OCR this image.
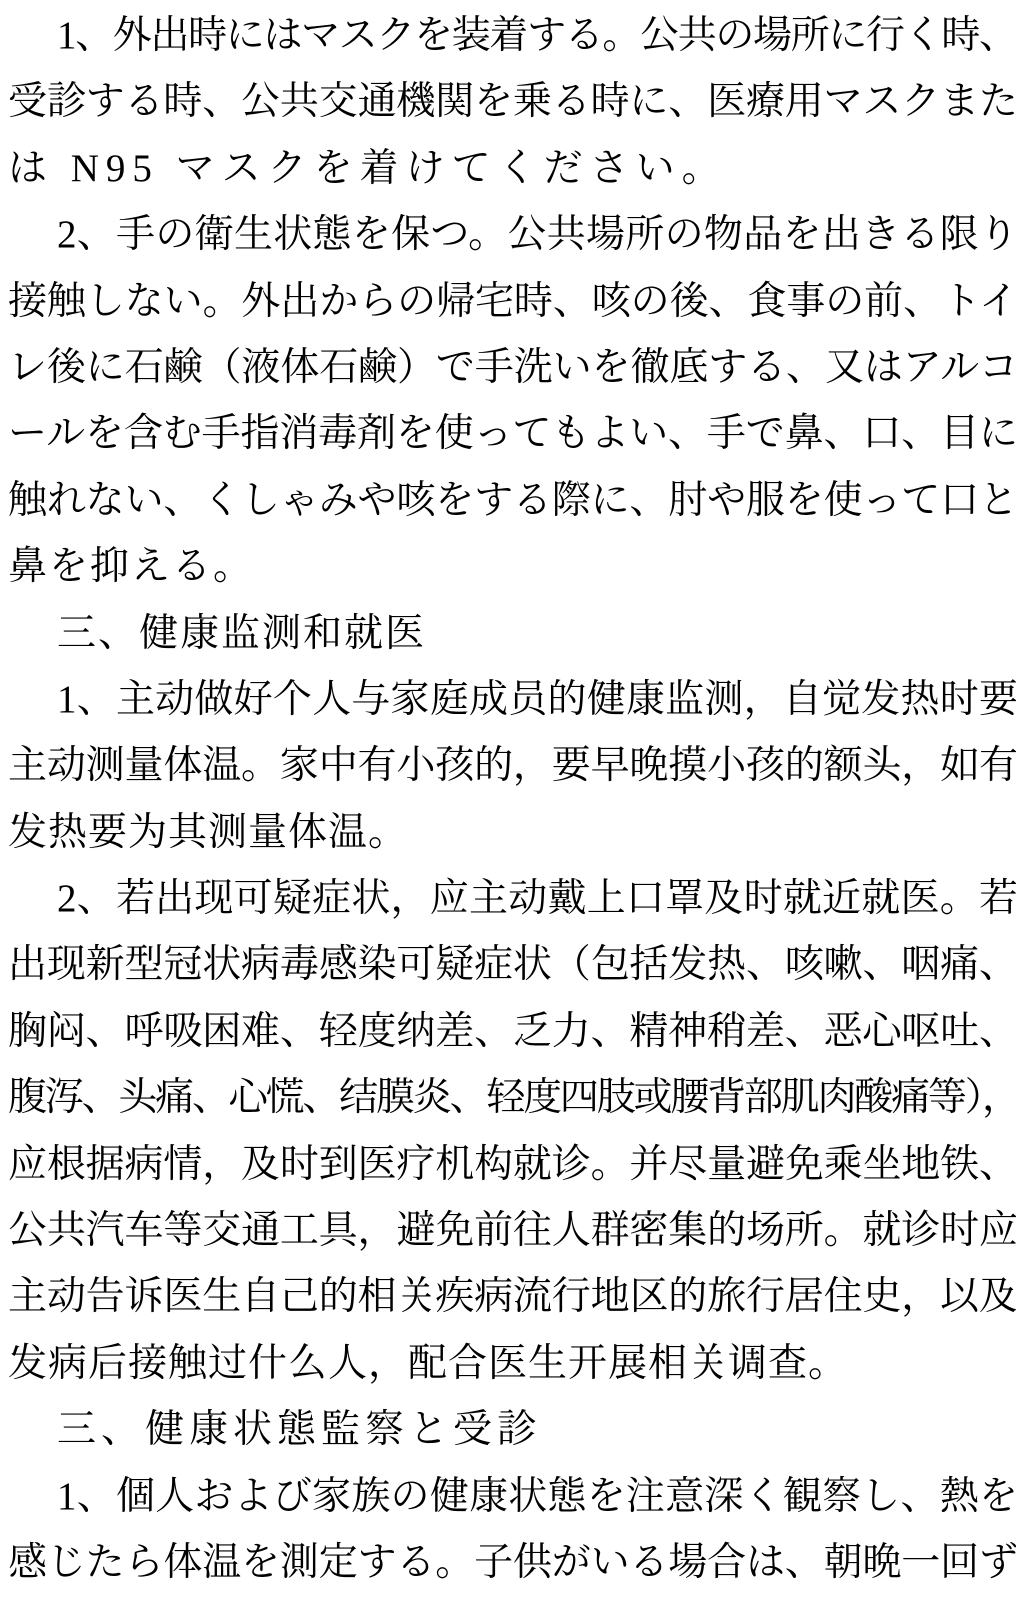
1、外出時にはマスクを装着する。公共の場所に行く時、
受診する時、公共交通機関を乗る時に、医療用マスクまた
は N95 マスクを着けてください。
2、手の衛生状態を保つ。公共場所の物品を出きる限り
接触しない。外出からの帰宅時、咳の後、食事の前、トイ
レ後に石鹸（液体石鹸）で手洗いを徹底する、又はアルコ
ールを含む手指消毒剤を使ってもよい、手で鼻、口、目に
触れない、くしゃみや咳をする際に、肘や服を使って口と
鼻を抑える。
三、健康监测和就医
1、主动做好个人与家庭成员的健康监测，自觉发热时要
主动测量体温。家中有小孩的，要早晚摸小孩的额头，如有
发热要为其测量体温。
2、若出现可疑症状，应主动戴上口罩及时就近就医。若
出现新型冠状病毒感染可疑症状（包括发热、咳嗽、咽痛、
胸闷、呼吸困难、轻度纳差、乏力、精神稍差、恶心呕吐、
腹泻、头痛、心慌、结膜炎、轻度四肢或腰背部肌肉酸痛等），
应根据病情，及时到医疗机构就诊。并尽量避免乘坐地铁、
公共汽车等交通工具，避免前往人群密集的场所。就诊时应
主动告诉医生自己的相关疾病流行地区的旅行居住史，以及
发病后接触过什么人，配合医生开展相关调查。
三、健康状態監察と受診
1、個人および家族の健康状態を注意深く観察し、熱を
感じたら体温を測定する。子供がいる場合は、朝晩一回ず
